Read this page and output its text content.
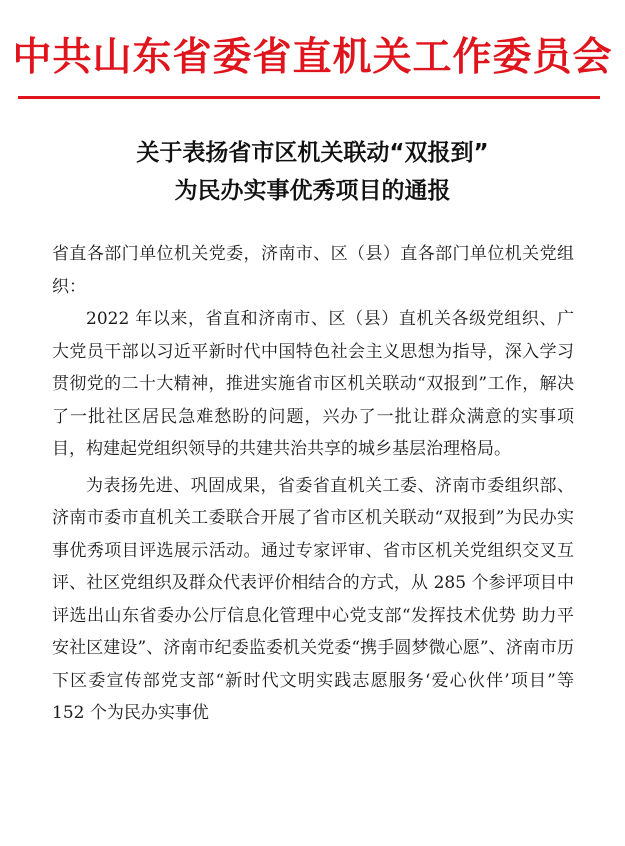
中共山东省委省直机关工作委员会
关于表扬省市区机关联动“双报到”
为民办实事优秀项目的通报

省直各部门单位机关党委，济南市、区（县）直各部门单位机关党组织：

2022 年以来，省直和济南市、区（县）直机关各级党组织、广大党员干部以习近平新时代中国特色社会主义思想为指导，深入学习贯彻党的二十大精神，推进实施省市区机关联动“双报到”工作，解决了一批社区居民急难愁盼的问题，兴办了一批让群众满意的实事项目，构建起党组织领导的共建共治共享的城乡基层治理格局。

为表扬先进、巩固成果，省委省直机关工委、济南市委组织部、济南市委市直机关工委联合开展了省市区机关联动“双报到”为民办实事优秀项目评选展示活动。通过专家评审、省市区机关党组织交叉互评、社区党组织及群众代表评价相结合的方式，从 285 个参评项目中评选出山东省委办公厅信息化管理中心党支部“发挥技术优势 助力平安社区建设”、济南市纪委监委机关党委“携手圆梦微心愿”、济南市历下区委宣传部党支部“新时代文明实践志愿服务‘爱心伙伴’项目”等 152 个为民办实事优
